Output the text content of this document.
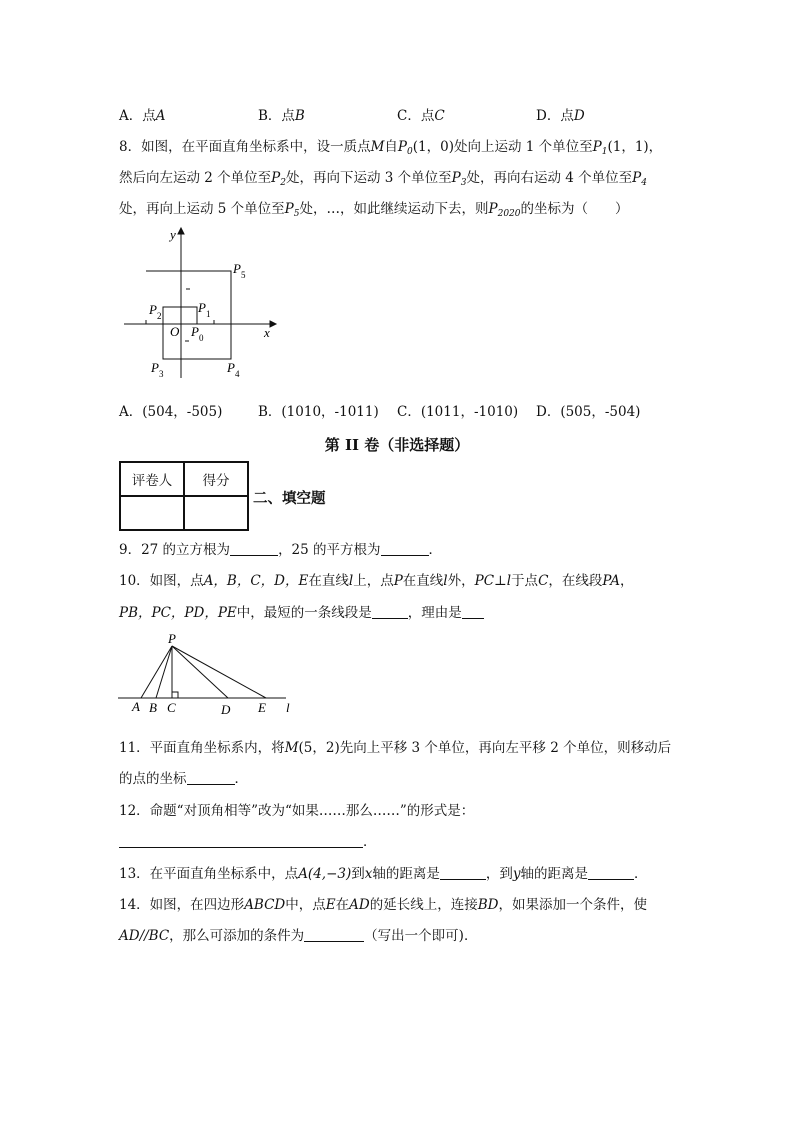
A．点A	B．点B	C．点C	D．点D
8．如图，在平面直角坐标系中，设一质点M自$P_0(1$，0)处向上运动 1 个单位至$P_1(1$，1)，
然后向左运动 2 个单位至$P_2$处，再向下运动 3 个单位至$P_3$处，再向右运动 4 个单位至$P_4$
处，再向上运动 5 个单位至$P_5$处，…，如此继续运动下去，则$P_{2020}$的坐标为（　　）
y
x
O P 0
P 1
P 2
P 3	P 4
P 5
A．(504，-505)	B．(1010，-1011) C．(1011，-1010) D．(505，-504)
第 II 卷（非选择题）
评卷人	得分

二、填空题
9．27 的立方根为	，25 的平方根为	．
10．如图，点A，B，C，D，E在直线l上，点P在直线l外，PC⊥l于点C，在线段PA，
PB，PC，PD，PE中，最短的一条线段是	，理由是
P
A B C	D E l
11．平面直角坐标系内，将M(5，2)先向上平移 3 个单位，再向左平移 2 个单位，则移动后
的点的坐标	．
12．命题“对顶角相等”改为“如果……那么……”的形式是：
．
13．在平面直角坐标系中，点A(4,−3)到x轴的距离是	，到y轴的距离是	．
14．如图，在四边形ABCD中，点E在AD的延长线上，连接BD，如果添加一个条件，使
AD//BC，那么可添加的条件为	（写出一个即可)．
